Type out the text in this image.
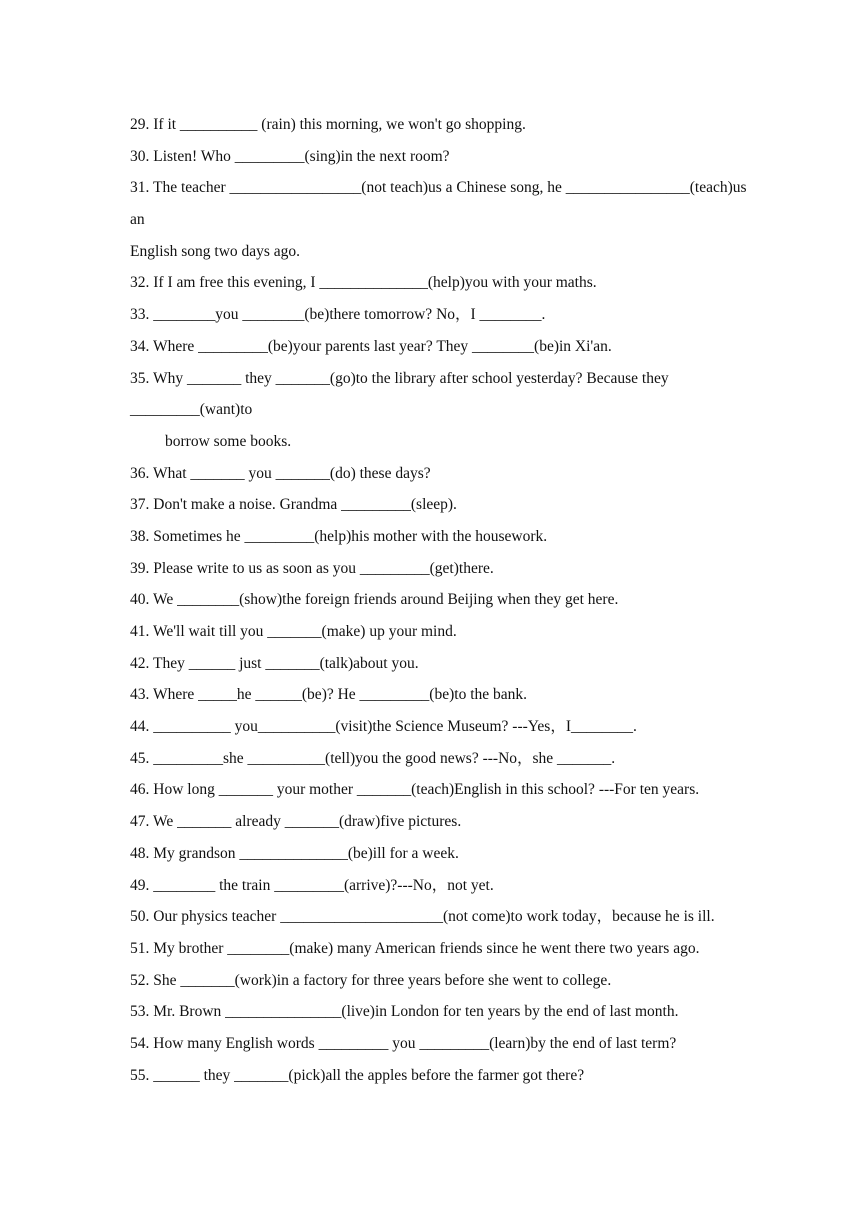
29. If it __________ (rain) this morning, we won't go shopping.
30. Listen! Who _________(sing)in the next room?
31. The teacher _________________(not teach)us a Chinese song, he ________________(teach)us
an
English song two days ago.
32. If I am free this evening, I ______________(help)you with your maths.
33. ________you ________(be)there tomorrow? No，I ________.
34. Where _________(be)your parents last year? They ________(be)in Xi'an.
35. Why _______ they _______(go)to the library after school yesterday? Because they
_________(want)to
borrow some books.
36. What _______ you _______(do) these days?
37. Don't make a noise. Grandma _________(sleep).
38. Sometimes he _________(help)his mother with the housework.
39. Please write to us as soon as you _________(get)there.
40. We ________(show)the foreign friends around Beijing when they get here.
41. We'll wait till you _______(make) up your mind.
42. They ______ just _______(talk)about you.
43. Where _____he ______(be)? He _________(be)to the bank.
44. __________ you__________(visit)the Science Museum? ---Yes，I________.
45. _________she __________(tell)you the good news? ---No，she _______.
46. How long _______ your mother _______(teach)English in this school? ---For ten years.
47. We _______ already _______(draw)five pictures.
48. My grandson ______________(be)ill for a week.
49. ________ the train _________(arrive)?---No，not yet.
50. Our physics teacher _____________________(not come)to work today，because he is ill.
51. My brother ________(make) many American friends since he went there two years ago.
52. She _______(work)in a factory for three years before she went to college.
53. Mr. Brown _______________(live)in London for ten years by the end of last month.
54. How many English words _________ you _________(learn)by the end of last term?
55. ______ they _______(pick)all the apples before the farmer got there?
